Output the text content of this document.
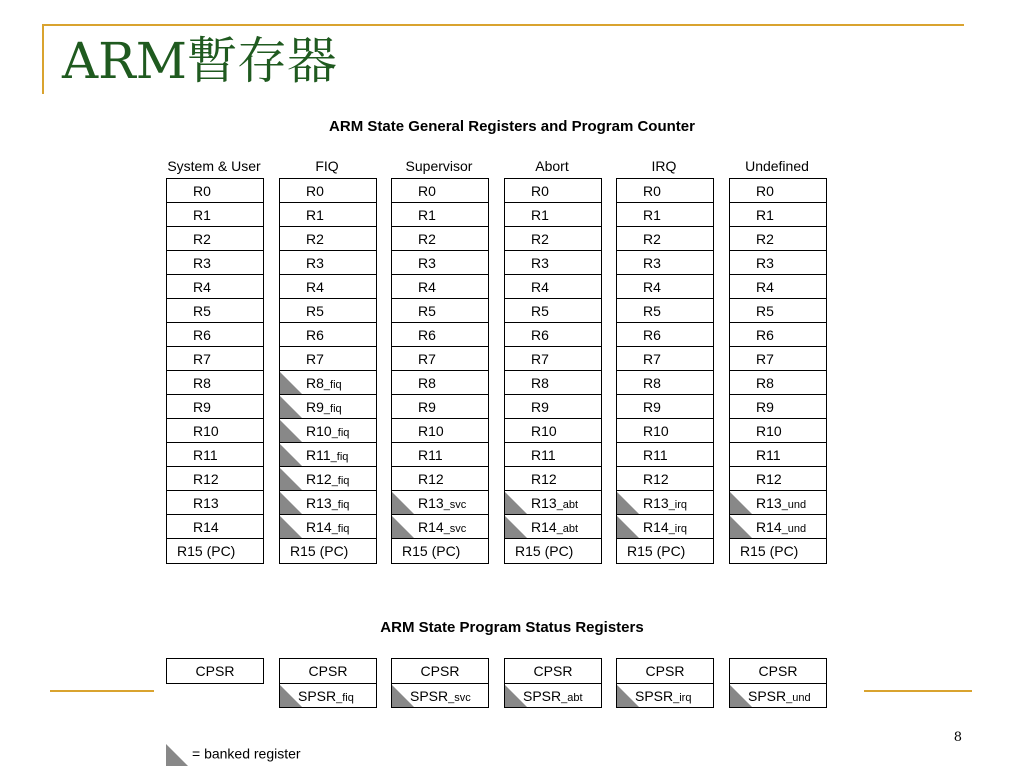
ARM暫存器
ARM State General Registers and Program Counter
System & User
R0
R1
R2
R3
R4
R5
R6
R7
R8
R9
R10
R11
R12
R13
R14
R15 (PC)
FIQ
R0
R1
R2
R3
R4
R5
R6
R7
R8_fiq
R9_fiq
R10_fiq
R11_fiq
R12_fiq
R13_fiq
R14_fiq
R15 (PC)
Supervisor
R0
R1
R2
R3
R4
R5
R6
R7
R8
R9
R10
R11
R12
R13_svc
R14_svc
R15 (PC)
Abort
R0
R1
R2
R3
R4
R5
R6
R7
R8
R9
R10
R11
R12
R13_abt
R14_abt
R15 (PC)
IRQ
R0
R1
R2
R3
R4
R5
R6
R7
R8
R9
R10
R11
R12
R13_irq
R14_irq
R15 (PC)
Undefined
R0
R1
R2
R3
R4
R5
R6
R7
R8
R9
R10
R11
R12
R13_und
R14_und
R15 (PC)
ARM State Program Status Registers
CPSR	CPSR
SPSR_fiq
CPSR
SPSR_svc
CPSR
SPSR_abt
CPSR
SPSR_irq
CPSR
SPSR_und
8
= banked register
